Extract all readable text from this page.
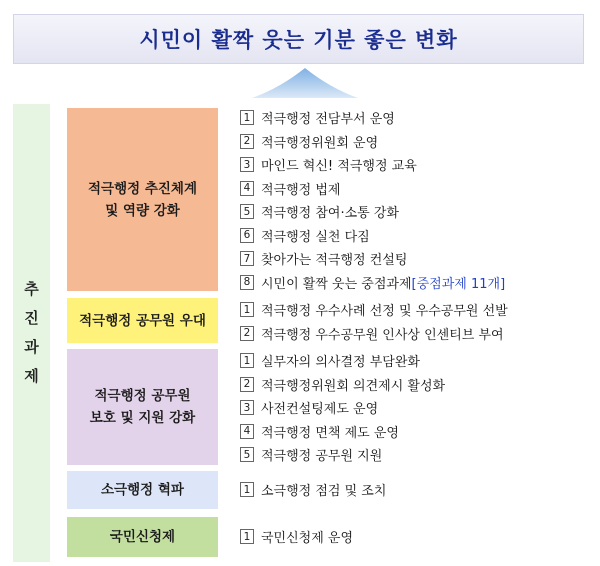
시민이 활짝 웃는 기분 좋은 변화
추
진
과
제
적극행정 추진체계
및 역량 강화
적극행정 공무원 우대
적극행정 공무원
보호 및 지원 강화
소극행정 혁파
국민신청제
1 적극행정 전담부서 운영
2 적극행정위원회 운영
3 마인드 혁신! 적극행정 교육
4 적극행정 법제
5 적극행정 참여·소통 강화
6 적극행정 실천 다짐
7 찾아가는 적극행정 컨설팅
8 시민이 활짝 웃는 중점과제 [중점과제 11개]
1 적극행정 우수사례 선정 및 우수공무원 선발
2 적극행정 우수공무원 인사상 인센티브 부여
1 실무자의 의사결정 부담완화
2 적극행정위원회 의견제시 활성화
3 사전컨설팅제도 운영
4 적극행정 면책 제도 운영
5 적극행정 공무원 지원
1 소극행정 점검 및 조치
1 국민신청제 운영
